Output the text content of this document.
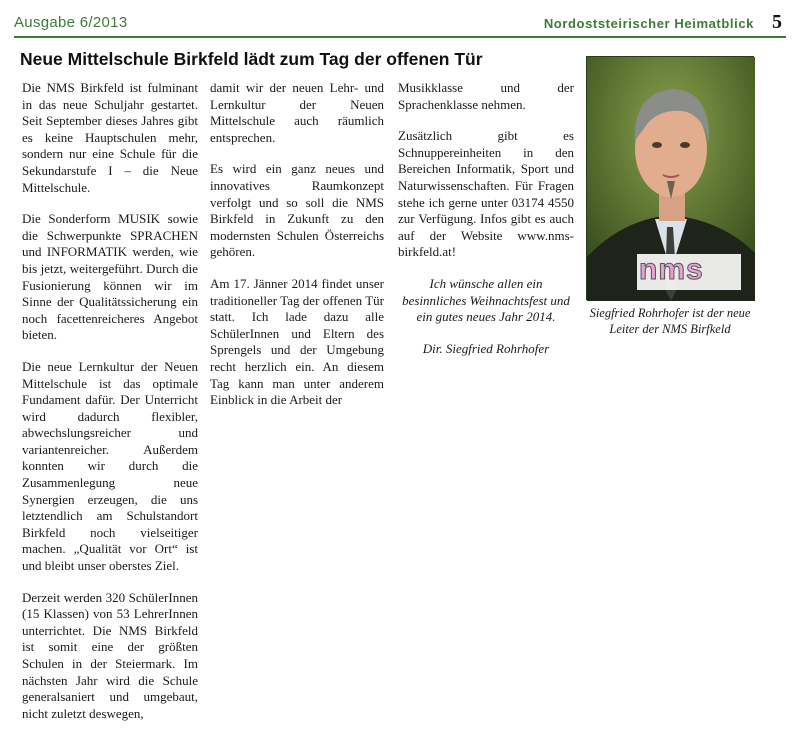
Ausgabe 6/2013	Nordoststeirischer Heimatblick 5
Neue Mittelschule Birkfeld lädt zum Tag der offenen Tür

Die NMS Birkfeld ist fulminant in das neue Schuljahr gestartet. Seit September dieses Jahres gibt es keine Hauptschulen mehr, sondern nur eine Schule für die Sekundarstufe I – die Neue Mittelschule.

Die Sonderform MUSIK sowie die Schwerpunkte SPRACHEN und INFORMATIK werden, wie bis jetzt, weitergeführt. Durch die Fusionierung können wir im Sinne der Qualitätssicherung ein noch facettenreicheres Angebot bieten.

Die neue Lernkultur der Neuen Mittelschule ist das optimale Fundament dafür. Der Unterricht wird dadurch flexibler, abwechslungsreicher und variantenreicher. Außerdem konnten wir durch die Zusammenlegung neue Synergien erzeugen, die uns letztendlich am Schulstandort Birkfeld noch vielseitiger machen. „Qualität vor Ort“ ist und bleibt unser oberstes Ziel.

Derzeit werden 320 SchülerInnen (15 Klassen) von 53 LehrerInnen unterrichtet. Die NMS Birkfeld ist somit eine der größten Schulen in der Steiermark. Im nächsten Jahr wird die Schule generalsaniert und umgebaut, nicht zuletzt deswegen,

damit wir der neuen Lehr- und Lernkultur der Neuen Mittelschule auch räumlich entsprechen.

Es wird ein ganz neues und innovatives Raumkonzept verfolgt und so soll die NMS Birkfeld in Zukunft zu den modernsten Schulen Österreichs gehören.

Am 17. Jänner 2014 findet unser traditioneller Tag der offenen Tür statt. Ich lade dazu alle SchülerInnen und Eltern des Sprengels und der Umgebung recht herzlich ein. An diesem Tag kann man unter anderem Einblick in die Arbeit der

Musikklasse und der Sprachenklasse nehmen.

Zusätzlich gibt es Schnuppereinheiten in den Bereichen Informatik, Sport und Naturwissenschaften. Für Fragen stehe ich gerne unter 03174 4550 zur Verfügung. Infos gibt es auch auf der Website www.nms-birkfeld.at!

Ich wünsche allen ein besinnliches Weihnachtsfest und ein gutes neues Jahr 2014.

Dir. Siegfried Rohrhofer

nms

Siegfried Rohrhofer ist der neue Leiter der NMS Birfkeld
